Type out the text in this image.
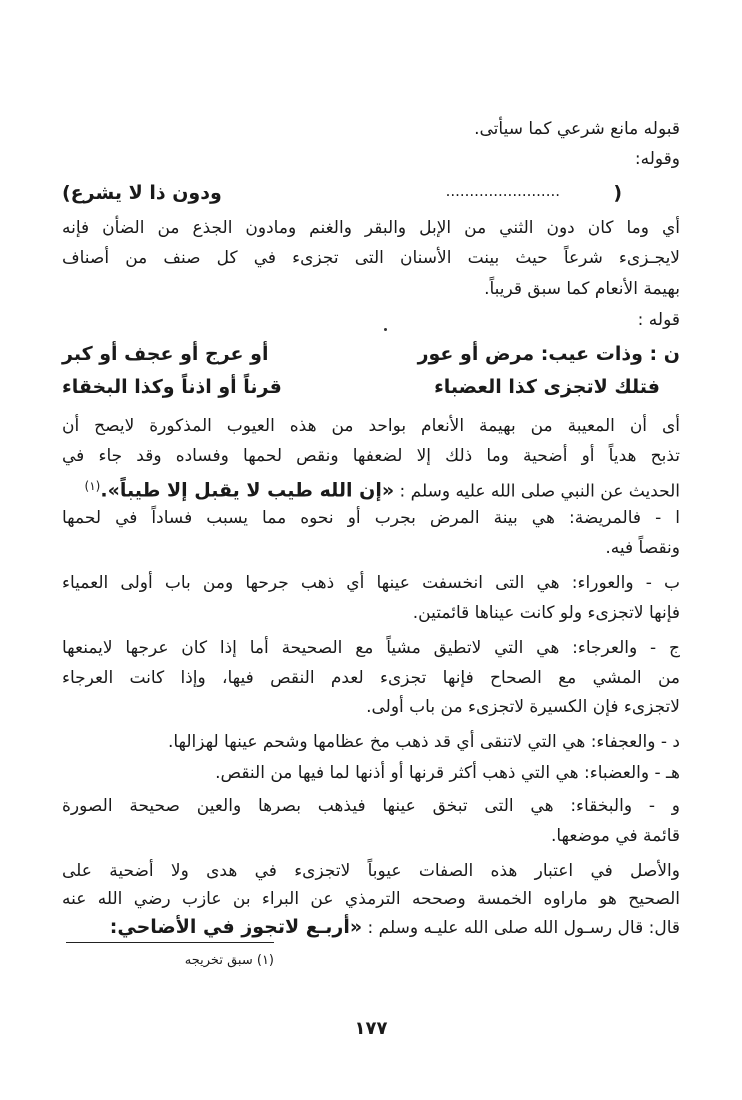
قبوله مانع شرعي كما سيأتى.
وقوله:
(
........................
ودون ذا لا يشرع)
أي وما كان دون الثني من الإبل والبقر والغنم ومادون الجذع من الضأن فإنه
لايجـزىء شرعاً حيث بينت الأسنان التى تجزىء في كل صنف من أصناف
بهيمة الأنعام كما سبق قريباً.
قوله :
ن : وذات عيب: مرض أو عور
أو عرج أو عجف أو كبر
فتلك لاتجزى كذا العضباء
قرناً أو اذناً وكذا البخقاء
أى أن المعيبة من بهيمة الأنعام بواحد من هذه العيوب المذكورة لايصح أن
تذبح هدياً أو أضحية وما ذلك إلا لضعفها ونقص لحمها وفساده وقد جاء في
الحديث عن النبي صلى الله عليه وسلم : «إن الله طيب لا يقبل إلا طيباً».$^{(١)}$
ا - فالمريضة: هي بينة المرض بجرب أو نحوه مما يسبب فساداً في لحمها
ونقصاً فيه.
ب - والعوراء: هي التى انخسفت عينها أي ذهب جرحها ومن باب أولى العمياء
فإنها لاتجزىء ولو كانت عيناها قائمتين.
ج - والعرجاء: هي التي لاتطيق مشياً مع الصحيحة أما إذا كان عرجها لايمنعها
من المشي مع الصحاح فإنها تجزىء لعدم النقص فيها، وإذا كانت العرجاء
لاتجزىء فإن الكسيرة لاتجزىء من باب أولى.
د - والعجفاء: هي التي لاتنقى أي قد ذهب مخ عظامها وشحم عينها لهزالها.
هـ - والعضباء: هي التي ذهب أكثر قرنها أو أذنها لما فيها من النقص.
و - والبخقاء: هي التى تبخق عينها فيذهب بصرها والعين صحيحة الصورة
قائمة في موضعها.
والأصل في اعتبار هذه الصفات عيوباً لاتجزىء في هدى ولا أضحية على
الصحيح هو ماراوه الخمسة وصححه الترمذي عن البراء بن عازب رضي الله عنه
قال: قال رسـول الله صلى الله عليـه وسلم : «أربـع لاتجوز في الأضاحي:
(١) سبق تخريجه
١٧٧
